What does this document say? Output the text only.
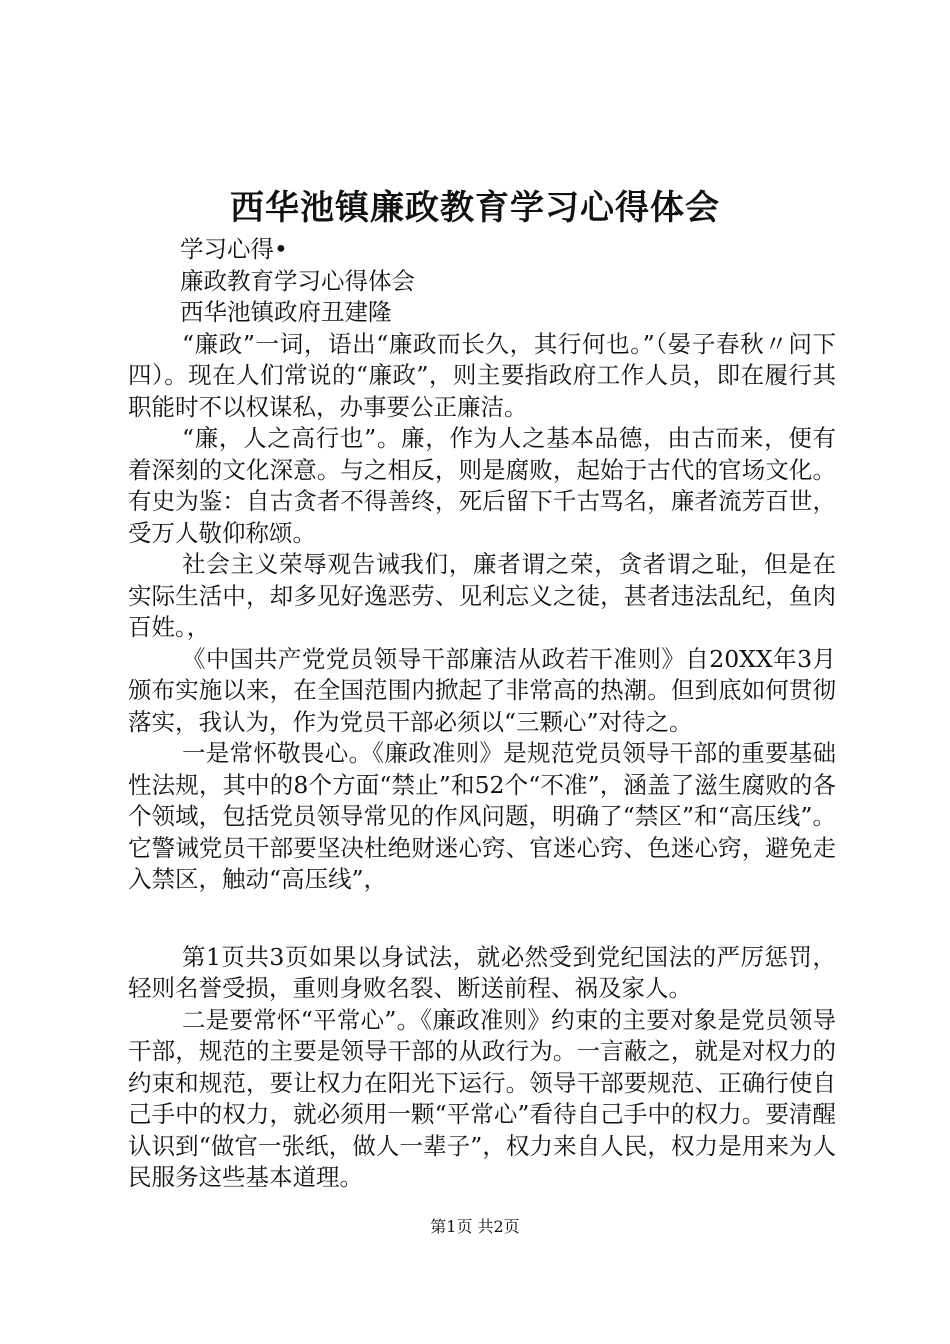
西华池镇廉政教育学习心得体会

学习心得•

廉政教育学习心得体会

西华池镇政府丑建隆

“廉政”一词，语出“廉政而长久，其行何也。”（晏子春秋〃问下四）。现在人们常说的“廉政”，则主要指政府工作人员，即在履行其职能时不以权谋私，办事要公正廉洁。

“廉，人之高行也”。廉，作为人之基本品德，由古而来，便有着深刻的文化深意。与之相反，则是腐败，起始于古代的官场文化。有史为鉴：自古贪者不得善终，死后留下千古骂名，廉者流芳百世，受万人敬仰称颂。

社会主义荣辱观告诫我们，廉者谓之荣，贪者谓之耻，但是在实际生活中，却多见好逸恶劳、见利忘义之徒，甚者违法乱纪，鱼肉百姓。，

《中国共产党党员领导干部廉洁从政若干准则》自20XX年3月颁布实施以来，在全国范围内掀起了非常高的热潮。但到底如何贯彻落实，我认为，作为党员干部必须以“三颗心”对待之。

一是常怀敬畏心。《廉政准则》是规范党员领导干部的重要基础性法规，其中的8个方面“禁止”和52个“不准”，涵盖了滋生腐败的各个领域，包括党员领导常见的作风问题，明确了“禁区”和“高压线”。它警诫党员干部要坚决杜绝财迷心窍、官迷心窍、色迷心窍，避免走入禁区，触动“高压线”，

第1页共3页如果以身试法，就必然受到党纪国法的严厉惩罚，轻则名誉受损，重则身败名裂、断送前程、祸及家人。

二是要常怀“平常心”。《廉政准则》约束的主要对象是党员领导干部，规范的主要是领导干部的从政行为。一言蔽之，就是对权力的约束和规范，要让权力在阳光下运行。领导干部要规范、正确行使自己手中的权力，就必须用一颗“平常心”看待自己手中的权力。要清醒认识到“做官一张纸，做人一辈子”，权力来自人民，权力是用来为人民服务这些基本道理。

第1页 共2页
